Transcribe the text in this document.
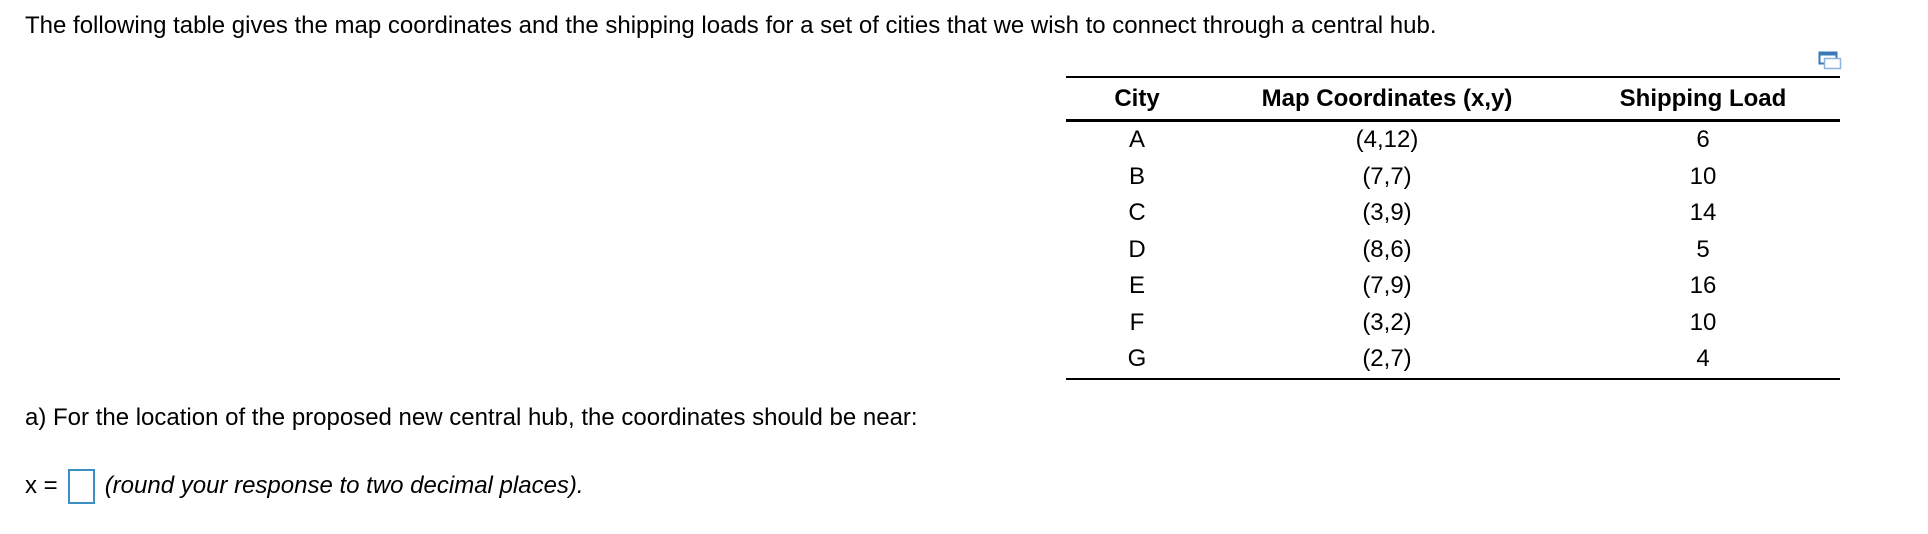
The following table gives the map coordinates and the shipping loads for a set of cities that we wish to connect through a central hub.
City	Map Coordinates (x,y)	Shipping Load
A	(4,12)	6
B	(7,7)	10
C	(3,9)	14
D	(8,6)	5
E	(7,9)	16
F	(3,2)	10
G	(2,7)	4
a) For the location of the proposed new central hub, the coordinates should be near:
x = (round your response to two decimal places).
